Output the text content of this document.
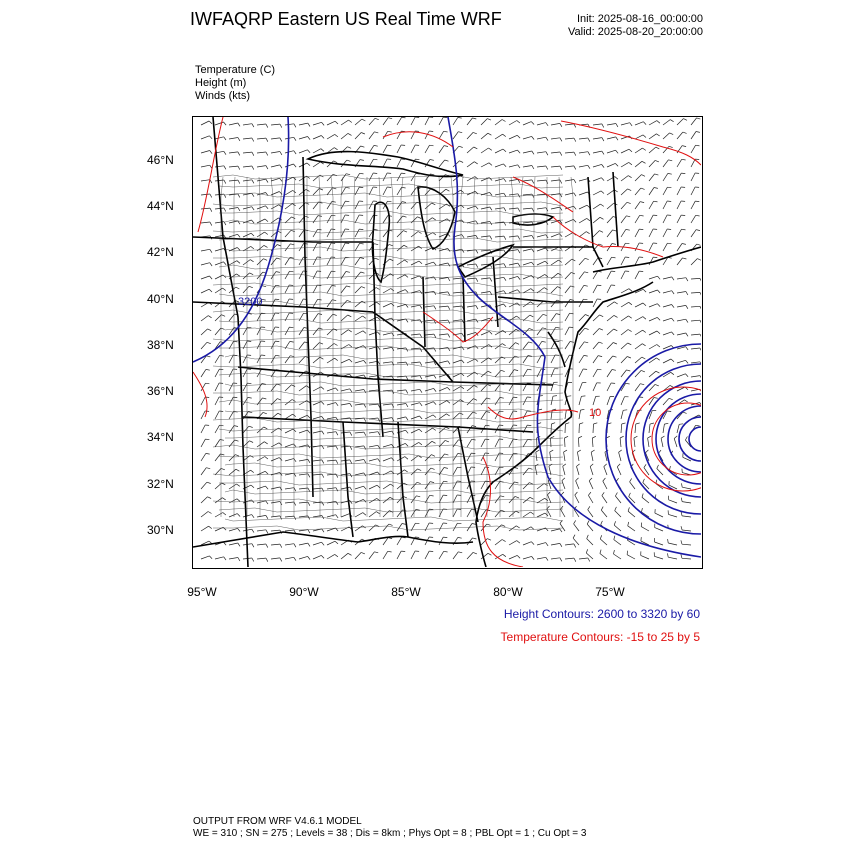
IWFAQRP Eastern US Real Time WRF	Init: 2025-08-16_00:00:00
Valid: 2025-08-20_20:00:00
Temperature (C)
Height (m)
Winds (kts)
46°N
44°N
42°N
40°N
38°N
36°N
34°N
32°N
30°N
3200
10
95°W	90°W	85°W	80°W	75°W
Height Contours: 2600 to 3320 by 60
Temperature Contours: -15 to 25 by 5
OUTPUT FROM WRF V4.6.1 MODEL
WE = 310 ; SN = 275 ; Levels = 38 ; Dis = 8km ; Phys Opt = 8 ; PBL Opt = 1 ; Cu Opt = 3
